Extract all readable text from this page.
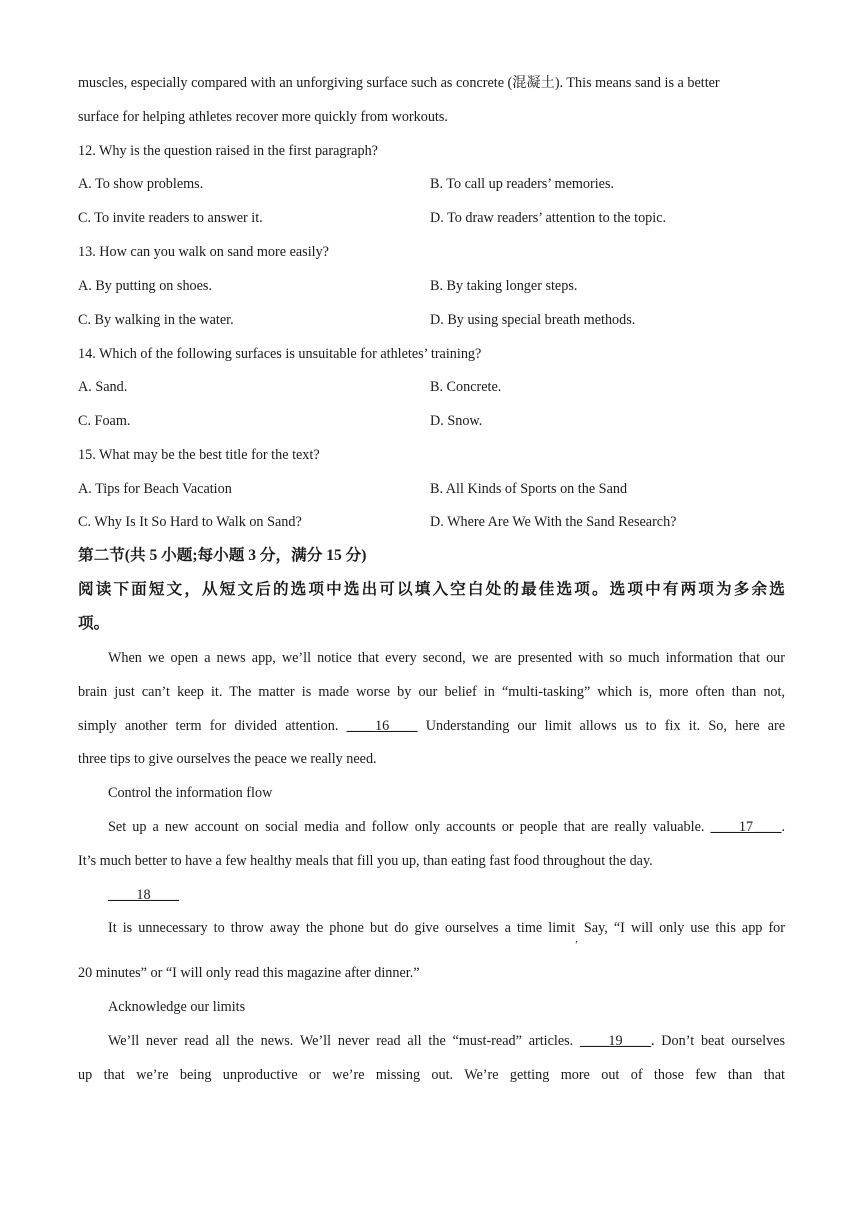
muscles, especially compared with an unforgiving surface such as concrete (混凝土). This means sand is a better
surface for helping athletes recover more quickly from workouts.
12. Why is the question raised in the first paragraph?
A. To show problems.	B. To call up readers’ memories.
C. To invite readers to answer it.	D. To draw readers’ attention to the topic.
13. How can you walk on sand more easily?
A. By putting on shoes.	B. By taking longer steps.
C. By walking in the water.	D. By using special breath methods.
14. Which of the following surfaces is unsuitable for athletes’ training?
A. Sand.	B. Concrete.
C. Foam.	D. Snow.
15. What may be the best title for the text?
A. Tips for Beach Vacation	B. All Kinds of Sports on the Sand
C. Why Is It So Hard to Walk on Sand?	D. Where Are We With the Sand Research?
第二节(共 5 小题;每小题 3 分，满分 15 分)
阅读下面短文，从短文后的选项中选出可以填入空白处的最佳选项。选项中有两项为多余选
项。
When we open a news app, we’ll notice that every second, we are presented with so much information that our
brain just can’t keep it. The matter is made worse by our belief in “multi-tasking” which is, more often than not,
simply another term for divided attention. ____16____ Understanding our limit allows us to fix it. So, here are
three tips to give ourselves the peace we really need.
Control the information flow
Set up a new account on social media and follow only accounts or people that are really valuable. ____17____.
It’s much better to have a few healthy meals that fill you up, than eating fast food throughout the day.
____18____
It is unnecessary to throw away the phone but do give ourselves a time limit$_,$ Say, “I will only use this app for
20 minutes” or “I will only read this magazine after dinner.”
Acknowledge our limits
We’ll never read all the news. We’ll never read all the “must-read” articles. ____19____. Don’t beat ourselves
up that we’re being unproductive or we’re missing out. We’re getting more out of those few than that
